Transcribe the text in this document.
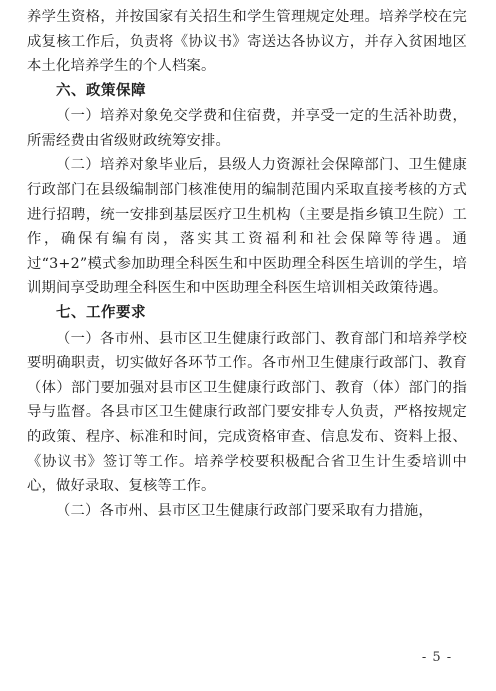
养学生资格，并按国家有关招生和学生管理规定处理。培养学校在完成复核工作后，负责将《协议书》寄送达各协议方，并存入贫困地区本土化培养学生的个人档案。

六、政策保障

（一）培养对象免交学费和住宿费，并享受一定的生活补助费，所需经费由省级财政统筹安排。

（二）培养对象毕业后，县级人力资源社会保障部门、卫生健康行政部门在县级编制部门核准使用的编制范围内采取直接考核的方式进行招聘，统一安排到基层医疗卫生机构（主要是指乡镇卫生院）工作，确保有编有岗，落实其工资福利和社会保障等待遇。通过“3+2”模式参加助理全科医生和中医助理全科医生培训的学生，培训期间享受助理全科医生和中医助理全科医生培训相关政策待遇。

七、工作要求

（一）各市州、县市区卫生健康行政部门、教育部门和培养学校要明确职责，切实做好各环节工作。各市州卫生健康行政部门、教育（体）部门要加强对县市区卫生健康行政部门、教育（体）部门的指导与监督。各县市区卫生健康行政部门要安排专人负责，严格按规定的政策、程序、标准和时间，完成资格审查、信息发布、资料上报、《协议书》签订等工作。培养学校要积极配合省卫生计生委培训中心，做好录取、复核等工作。

（二）各市州、县市区卫生健康行政部门要采取有力措施，

- 5 -
